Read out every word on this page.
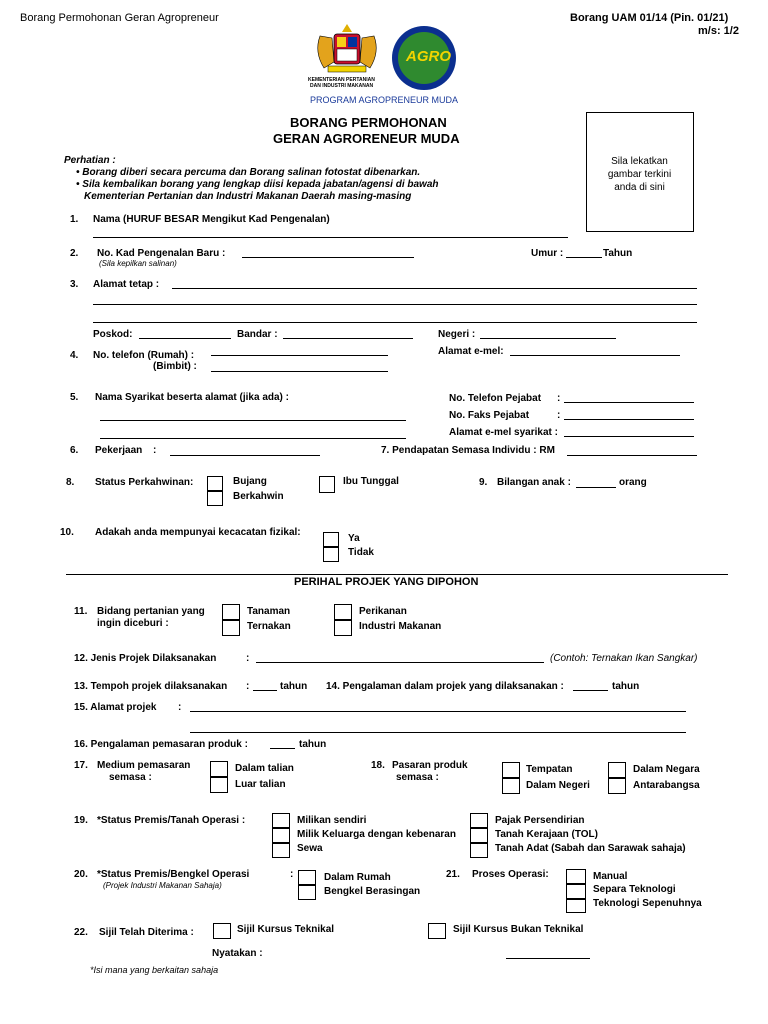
Borang Permohonan Geran Agropreneur	Borang UAM 01/14 (Pin. 01/21)
m/s: 1/2
KEMENTERIAN PERTANIAN
DAN INDUSTRI MAKANAN
AGRO
PROGRAM AGROPRENEUR MUDA
BORANG PERMOHONAN
GERAN AGRORENEUR MUDA
Sila lekatkan
gambar terkini
anda di sini
Perhatian :
• Borang diberi secara percuma dan Borang salinan fotostat dibenarkan.
• Sila kembalikan borang yang lengkap diisi kepada jabatan/agensi di bawah
Kementerian Pertanian dan Industri Makanan Daerah masing-masing
1. Nama (HURUF BESAR Mengikut Kad Pengenalan)
2. No. Kad Pengenalan Baru :
(Sila kepilkan salinan)
Umur :	Tahun
3. Alamat tetap :
Poskod:	Bandar :	Negeri :
4. No. telefon (Rumah) :
(Bimbit) :
Alamat e-mel:
5. Nama Syarikat beserta alamat (jika ada) :	No. Telefon Pejabat :
No. Faks Pejabat	:
Alamat e-mel syarikat :
6. Pekerjaan :	7. Pendapatan Semasa Individu : RM
8. Status Perkahwinan:	Bujang
Berkahwin
Ibu Tunggal	9. Bilangan anak :	orang
10. Adakah anda mempunyai kecacatan fizikal:
Ya
Tidak
PERIHAL PROJEK YANG DIPOHON
11. Bidang pertanian yang
ingin diceburi :
Tanaman
Ternakan
Perikanan
Industri Makanan
12. Jenis Projek Dilaksanakan	:	(Contoh: Ternakan Ikan Sangkar)
13. Tempoh projek dilaksanakan :	tahun 14. Pengalaman dalam projek yang dilaksanakan :	tahun
15. Alamat projek :
16. Pengalaman pemasaran produk :	tahun
17. Medium pemasaran
semasa :
Dalam talian
Luar talian
18. Pasaran produk
semasa :
Tempatan
Dalam Negeri
Dalam Negara
Antarabangsa
19. *Status Premis/Tanah Operasi :	Milikan sendiri
Milik Keluarga dengan kebenaran
Sewa
Pajak Persendirian
Tanah Kerajaan (TOL)
Tanah Adat (Sabah dan Sarawak sahaja)
20. *Status Premis/Bengkel Operasi
(Projek Industri Makanan Sahaja)
:	Dalam Rumah
Bengkel Berasingan
21. Proses Operasi:	Manual
Separa Teknologi
Teknologi Sepenuhnya
22. Sijil Telah Diterima :	Sijil Kursus Teknikal	Sijil Kursus Bukan Teknikal
Nyatakan :
*Isi mana yang berkaitan sahaja
